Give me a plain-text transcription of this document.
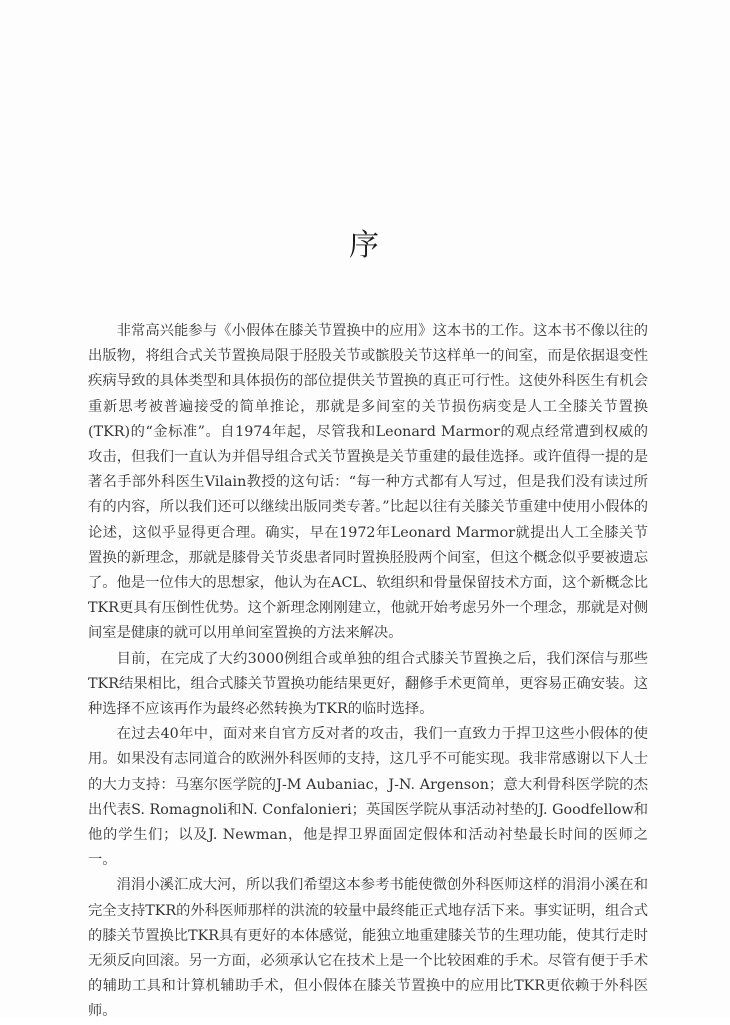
序

非常高兴能参与《小假体在膝关节置换中的应用》这本书的工作。这本书不像以往的出版物，将组合式关节置换局限于胫股关节或髌股关节这样单一的间室，而是依据退变性疾病导致的具体类型和具体损伤的部位提供关节置换的真正可行性。这使外科医生有机会重新思考被普遍接受的简单推论，那就是多间室的关节损伤病变是人工全膝关节置换(TKR)的“金标准”。自1974年起，尽管我和Leonard Marmor的观点经常遭到权威的攻击，但我们一直认为并倡导组合式关节置换是关节重建的最佳选择。或许值得一提的是著名手部外科医生Vilain教授的这句话：“每一种方式都有人写过，但是我们没有读过所有的内容，所以我们还可以继续出版同类专著。”比起以往有关膝关节重建中使用小假体的论述，这似乎显得更合理。确实，早在1972年Leonard Marmor就提出人工全膝关节置换的新理念，那就是膝骨关节炎患者同时置换胫股两个间室，但这个概念似乎要被遗忘了。他是一位伟大的思想家，他认为在ACL、软组织和骨量保留技术方面，这个新概念比TKR更具有压倒性优势。这个新理念刚刚建立，他就开始考虑另外一个理念，那就是对侧间室是健康的就可以用单间室置换的方法来解决。

目前，在完成了大约3000例组合或单独的组合式膝关节置换之后，我们深信与那些TKR结果相比，组合式膝关节置换功能结果更好，翻修手术更简单，更容易正确安装。这种选择不应该再作为最终必然转换为TKR的临时选择。

在过去40年中，面对来自官方反对者的攻击，我们一直致力于捍卫这些小假体的使用。如果没有志同道合的欧洲外科医师的支持，这几乎不可能实现。我非常感谢以下人士的大力支持：马塞尔医学院的J-M Aubaniac，J-N. Argenson；意大利骨科医学院的杰出代表S. Romagnoli和N. Confalonieri；英国医学院从事活动衬垫的J. Goodfellow和他的学生们；以及J. Newman，他是捍卫界面固定假体和活动衬垫最长时间的医师之一。

涓涓小溪汇成大河，所以我们希望这本参考书能使微创外科医师这样的涓涓小溪在和完全支持TKR的外科医师那样的洪流的较量中最终能正式地存活下来。事实证明，组合式的膝关节置换比TKR具有更好的本体感觉，能独立地重建膝关节的生理功能，使其行走时无须反向回滚。另一方面，必须承认它在技术上是一个比较困难的手术。尽管有便于手术的辅助工具和计算机辅助手术，但小假体在膝关节置换中的应用比TKR更依赖于外科医师。
